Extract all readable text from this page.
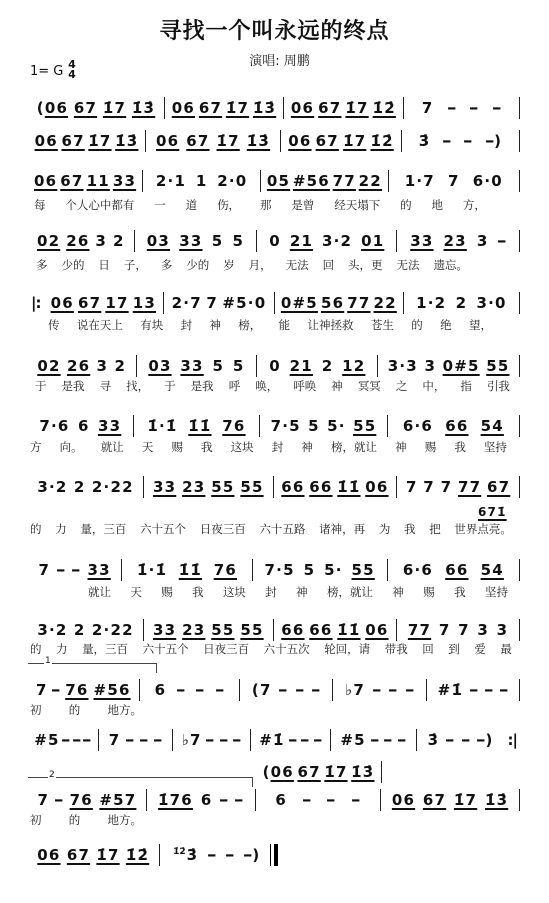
寻找一个叫永远的终点
演唱: 周鹏
1= G 4
4
( 06 67 1̇7 1̇3̇ 06 67 1̇7 1̇3̇ 06 67 1̇7 1̇2̇ 7 - - -
06 67 1̇7 1̇3̇ 06 67 1̇7 1̇3̇ 06 67 1̇7 1̇2̇ 3̇ - - -
)
06 67 11 33 2·1 1 2·0 05 #56 77 22 1·7 7 6·0
每 个人心中都有 一 道 伤， 那 是曾 经天塌下 的 地 方，
02 26 3 2 03 33 5 5 0 21 3·2 01 33 23 3 -
多 少的 日 子， 多 少的 岁 月， 无法 回 头，更 无法 遗忘。
|: 06 67 17 13 2·7 7 #5·0 0#5 56 77 22 1·2 2 3·0
传 说在天上 有块 封 神 榜， 能 让神拯救 苍生 的 绝 望，
02 26 3 2 03 33 5 5 0 21 2 12 3·3 3 0#5 55
于 是我 寻 找， 于 是我 呼 唤， 呼唤 神 冥冥 之 中， 指 引我
7·6 6 33 1̇·1̇ 1̇1̇ 76 7·5 5 5· 55 6·6 66 54
方 向。 就让 天 赐 我 这块 封 神 榜，就让 神 赐 我 坚持
3·2 2 2·22 33 23 55 55 66 66 1̇1̇ 06 7 7 7 77 67
的 力 量，三百 六十五个 日夜三百 六十五路 诸神，再 为 我 把 世界点亮。
671̇
7 - - 33 1̇·1̇ 1̇1̇ 76 7·5 5 5· 55 6·6 66 54
就让 天 赐 我 这块 封 神 榜，就让 神 赐 我 坚持
3·2 2 2·22 33 23 55 55 66 66 1̇1̇ 06 77 7 7 3 3
的 力 量，三百 六十五个 日夜三百 六十五次 轮回，请 带我 回 到 爱 最
7 - 76 #56 6 - - - ( 7 - - - ♭7 - - - #1̇ - - -
初 的 地方。
1
#5 -
-
- 7 - - - ♭7 - - - #1̇ - - - #5 - - - 3̇ - - -
) :|
( 06 67 1̇7 1̇3̇
7 - 76 #57 1̇76 6 - - 6 - - - 06 67 1̇7 1̇3̇
初 的 地方。
2
06 67 1̇7 1̇2̇	1̇2̇ 3̇ - - -
)
